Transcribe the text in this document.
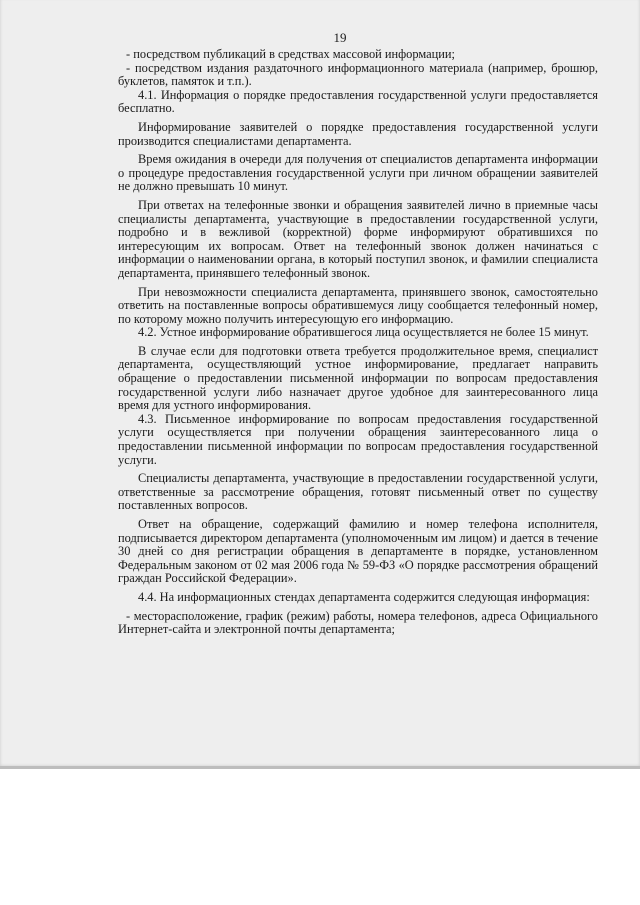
19

- посредством публикаций в средствах массовой информации;

- посредством издания раздаточного информационного материала (например, брошюр, буклетов, памяток и т.п.).

4.1. Информация о порядке предоставления государственной услуги предоставляется бесплатно.

Информирование заявителей о порядке предоставления государственной услуги производится специалистами департамента.

Время ожидания в очереди для получения от специалистов департамента информации о процедуре предоставления государственной услуги при личном обращении заявителей не должно превышать 10 минут.

При ответах на телефонные звонки и обращения заявителей лично в приемные часы специалисты департамента, участвующие в предоставлении государственной услуги, подробно и в вежливой (корректной) форме информируют обратившихся по интересующим их вопросам. Ответ на телефонный звонок должен начинаться с информации о наименовании органа, в который поступил звонок, и фамилии специалиста департамента, принявшего телефонный звонок.

При невозможности специалиста департамента, принявшего звонок, самостоятельно ответить на поставленные вопросы обратившемуся лицу сообщается телефонный номер, по которому можно получить интересующую его информацию.

4.2. Устное информирование обратившегося лица осуществляется не более 15 минут.

В случае если для подготовки ответа требуется продолжительное время, специалист департамента, осуществляющий устное информирование, предлагает направить обращение о предоставлении письменной информации по вопросам предоставления государственной услуги либо назначает другое удобное для заинтересованного лица время для устного информирования.

4.3. Письменное информирование по вопросам предоставления государственной услуги осуществляется при получении обращения заинтересованного лица о предоставлении письменной информации по вопросам предоставления государственной услуги.

Специалисты департамента, участвующие в предоставлении государственной услуги, ответственные за рассмотрение обращения, готовят письменный ответ по существу поставленных вопросов.

Ответ на обращение, содержащий фамилию и номер телефона исполнителя, подписывается директором департамента (уполномоченным им лицом) и дается в течение 30 дней со дня регистрации обращения в департаменте в порядке, установленном Федеральным законом от 02 мая 2006 года № 59-ФЗ «О порядке рассмотрения обращений граждан Российской Федерации».

4.4. На информационных стендах департамента содержится следующая информация:

- месторасположение, график (режим) работы, номера телефонов, адреса Официального Интернет-сайта и электронной почты департамента;
